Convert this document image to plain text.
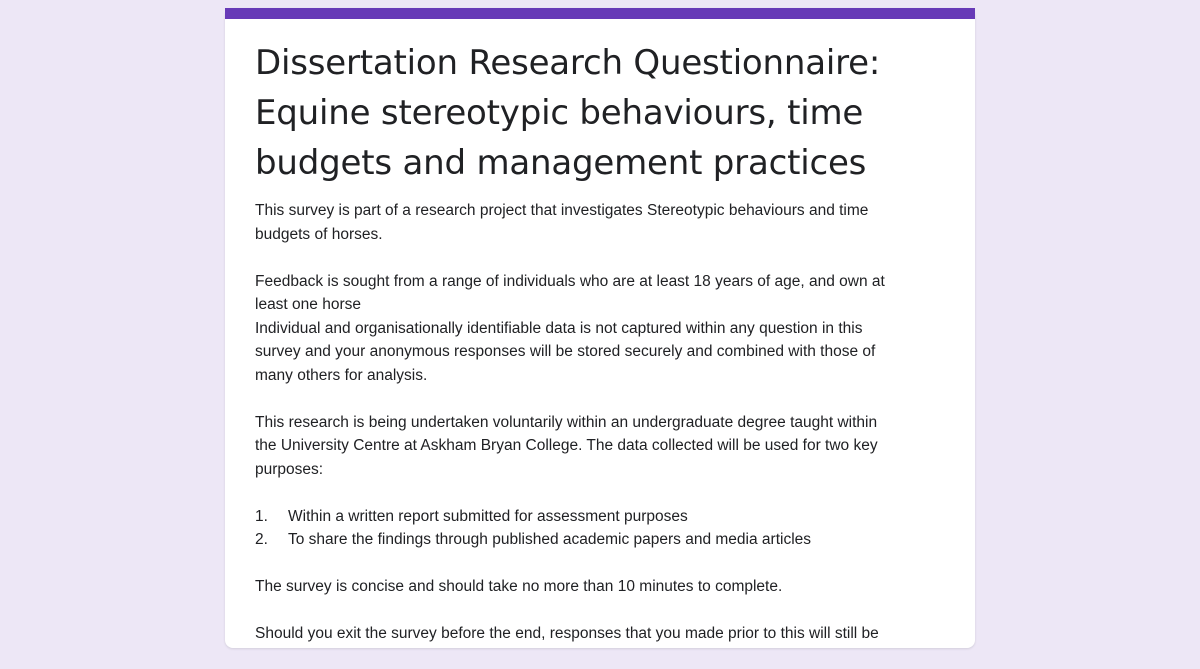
Dissertation Research Questionnaire:
Equine stereotypic behaviours, time
budgets and management practices

This survey is part of a research project that investigates Stereotypic behaviours and time
budgets of horses.

Feedback is sought from a range of individuals who are at least 18 years of age, and own at
least one horse
Individual and organisationally identifiable data is not captured within any question in this
survey and your anonymous responses will be stored securely and combined with those of
many others for analysis.

This research is being undertaken voluntarily within an undergraduate degree taught within
the University Centre at Askham Bryan College. The data collected will be used for two key
purposes:

1.	Within a written report submitted for assessment purposes
2.	To share the findings through published academic papers and media articles

The survey is concise and should take no more than 10 minutes to complete.

Should you exit the survey before the end, responses that you made prior to this will still be
